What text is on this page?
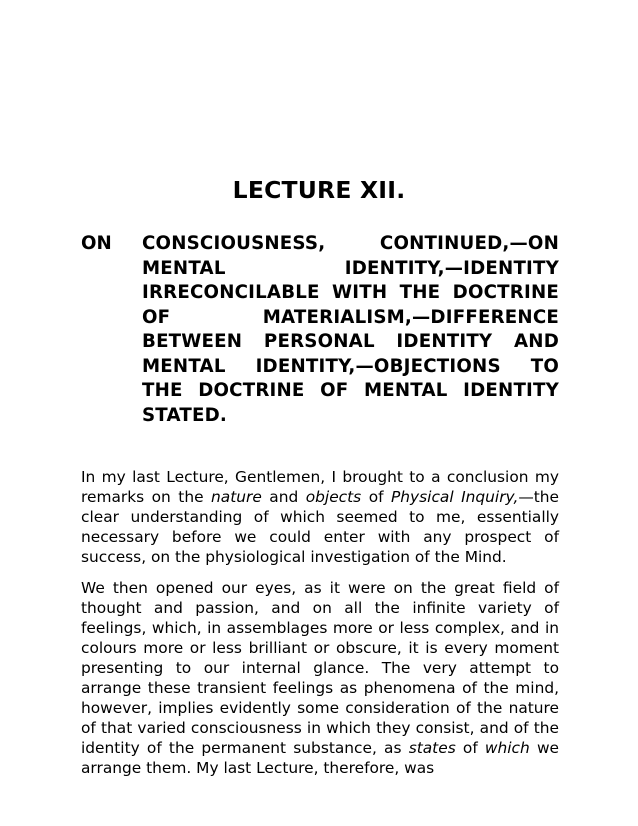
LECTURE XII.
ON CONSCIOUSNESS, CONTINUED,—ON MENTAL IDENTITY,—IDENTITY IRRECONCILABLE WITH THE DOCTRINE OF MATERIALISM,—DIFFERENCE BETWEEN PERSONAL IDENTITY AND MENTAL IDENTITY,—OBJECTIONS TO THE DOCTRINE OF MENTAL IDENTITY STATED.

In my last Lecture, Gentlemen, I brought to a conclusion my remarks on the nature and objects of Physical Inquiry,—the clear understanding of which seemed to me, essentially necessary before we could enter with any prospect of success, on the physiological investigation of the Mind.

We then opened our eyes, as it were on the great field of thought and passion, and on all the infinite variety of feelings, which, in assemblages more or less complex, and in colours more or less brilliant or obscure, it is every moment presenting to our internal glance. The very attempt to arrange these transient feelings as phenomena of the mind, however, implies evidently some consideration of the nature of that varied consciousness in which they consist, and of the identity of the permanent substance, as states of which we arrange them. My last Lecture, therefore, was
